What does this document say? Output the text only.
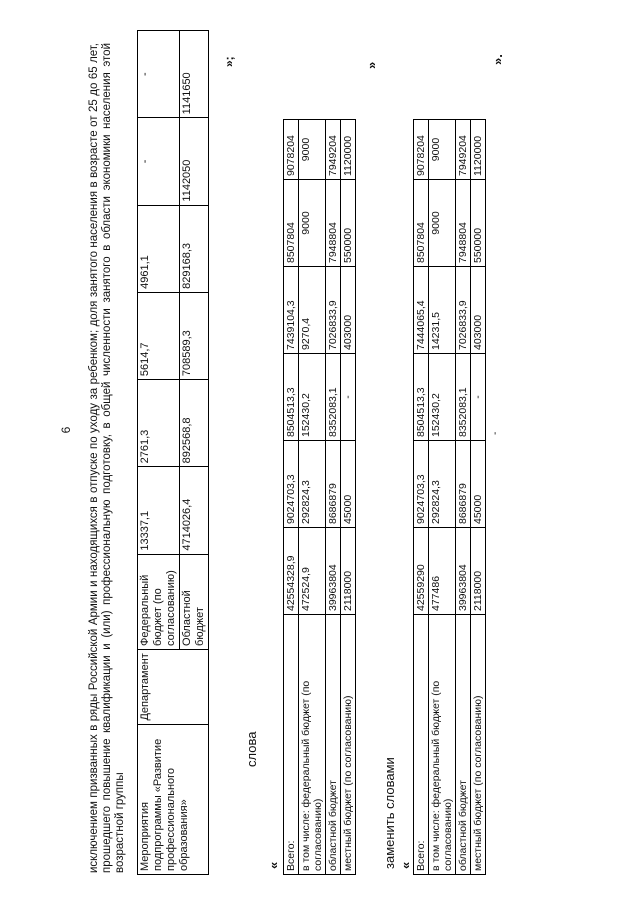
6 исключением призванных в ряды Российской Армии и находящихся в отпуске по уходу за ребенком; доля занятого населения в возрасте от 25 до 65 лет, прошедшего повышение квалификации и (или) профессиональную подготовку, в общей численности занятого в области экономики населения этой возрастной группы Мероприятия подпрограммы «Развитие профессионального образования»	Департамент	Федеральный бюджет (по согласованию)	13337,1	2761,3	5614,7	4961,1	-	-
		Областной бюджет	4714026,4	892568,8	708589,3	829168,3	1142050	1141650
»;
слова
« Всего:	42554328,9	9024703,3	8504513,3	7439104,3	8507804	9078204
в том числе: федеральный бюджет (по согласованию)	472524,9	292824,3	152430,2	9270,4	9000	9000
областной бюджет	39963804	8686879	8352083,1	7026833,9	7948804	7949204
местный бюджет (по согласованию)	2118000	45000	-	403000	550000	1120000
»
заменить словами « Всего:	42559290	9024703,3	8504513,3	7444065,4	8507804	9078204
в том числе: федеральный бюджет (по согласованию)	477486	292824,3	152430,2	14231,5	9000	9000
областной бюджет	39963804	8686879	8352083,1	7026833,9	7948804	7949204
местный бюджет (по согласованию)	2118000	45000	-	403000	550000	1120000
».
-
